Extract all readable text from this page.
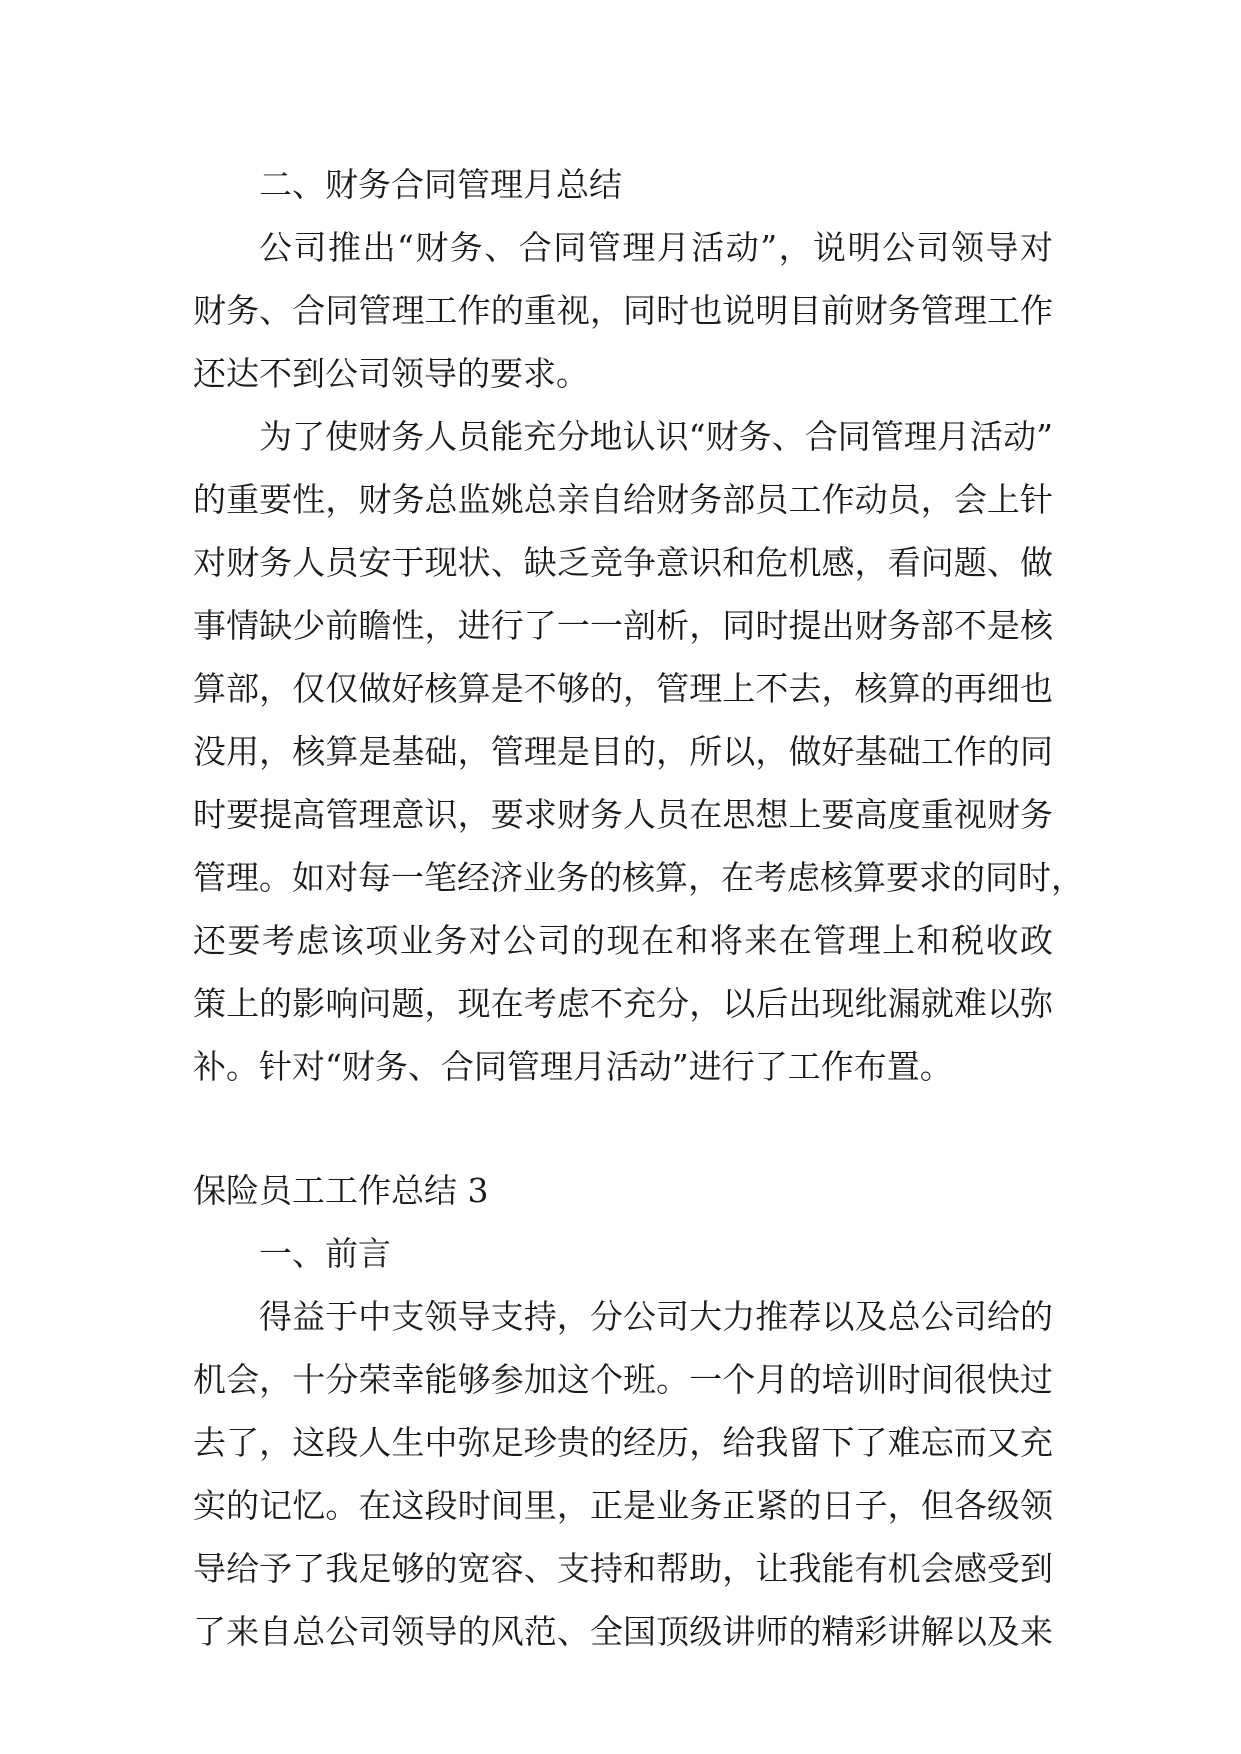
二、财务合同管理月总结
公司推出“财务、合同管理月活动”，说明公司领导对
财务、合同管理工作的重视，同时也说明目前财务管理工作
还达不到公司领导的要求。
为了使财务人员能充分地认识“财务、合同管理月活动”
的重要性，财务总监姚总亲自给财务部员工作动员，会上针
对财务人员安于现状、缺乏竞争意识和危机感，看问题、做
事情缺少前瞻性，进行了一一剖析，同时提出财务部不是核
算部，仅仅做好核算是不够的，管理上不去，核算的再细也
没用，核算是基础，管理是目的，所以，做好基础工作的同
时要提高管理意识，要求财务人员在思想上要高度重视财务
管理。如对每一笔经济业务的核算，在考虑核算要求的同时，
还要考虑该项业务对公司的现在和将来在管理上和税收政
策上的影响问题，现在考虑不充分，以后出现纰漏就难以弥
补。针对“财务、合同管理月活动”进行了工作布置。
保险员工工作总结 3
一、前言
得益于中支领导支持，分公司大力推荐以及总公司给的
机会，十分荣幸能够参加这个班。一个月的培训时间很快过
去了，这段人生中弥足珍贵的经历，给我留下了难忘而又充
实的记忆。在这段时间里，正是业务正紧的日子，但各级领
导给予了我足够的宽容、支持和帮助，让我能有机会感受到
了来自总公司领导的风范、全国顶级讲师的精彩讲解以及来
